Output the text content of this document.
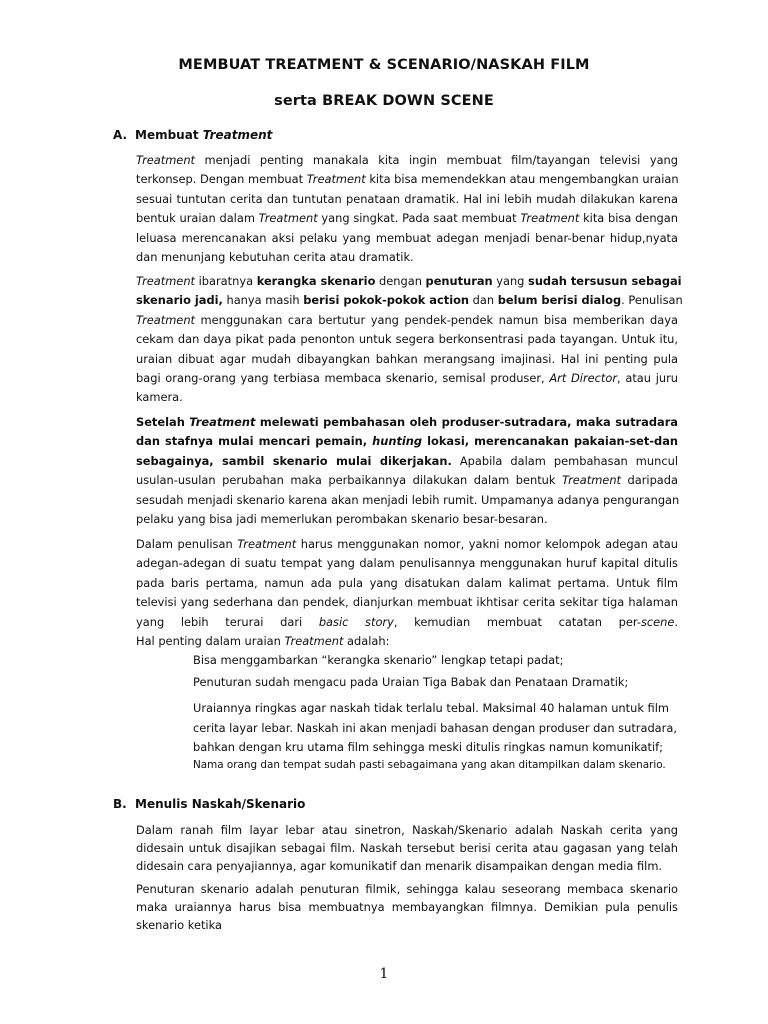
MEMBUAT TREATMENT & SCENARIO/NASKAH FILM
serta BREAK DOWN SCENE
A. Membuat Treatment
Treatment menjadi penting manakala kita ingin membuat film/tayangan televisi yang
terkonsep. Dengan membuat Treatment kita bisa memendekkan atau mengembangkan uraian
sesuai tuntutan cerita dan tuntutan penataan dramatik. Hal ini lebih mudah dilakukan karena
bentuk uraian dalam Treatment yang singkat. Pada saat membuat Treatment kita bisa dengan
leluasa merencanakan aksi pelaku yang membuat adegan menjadi benar-benar hidup,nyata
dan menunjang kebutuhan cerita atau dramatik.
Treatment ibaratnya kerangka skenario dengan penuturan yang sudah tersusun sebagai
skenario jadi, hanya masih berisi pokok-pokok action dan belum berisi dialog. Penulisan
Treatment menggunakan cara bertutur yang pendek-pendek namun bisa memberikan daya
cekam dan daya pikat pada penonton untuk segera berkonsentrasi pada tayangan. Untuk itu,
uraian dibuat agar mudah dibayangkan bahkan merangsang imajinasi. Hal ini penting pula
bagi orang-orang yang terbiasa membaca skenario, semisal produser, Art Director, atau juru
kamera.
Setelah Treatment melewati pembahasan oleh produser-sutradara, maka sutradara
dan stafnya mulai mencari pemain, hunting lokasi, merencanakan pakaian-set-dan
sebagainya, sambil skenario mulai dikerjakan. Apabila dalam pembahasan muncul
usulan-usulan perubahan maka perbaikannya dilakukan dalam bentuk Treatment daripada
sesudah menjadi skenario karena akan menjadi lebih rumit. Umpamanya adanya pengurangan
pelaku yang bisa jadi memerlukan perombakan skenario besar-besaran.
Dalam penulisan Treatment harus menggunakan nomor, yakni nomor kelompok adegan atau
adegan-adegan di suatu tempat yang dalam penulisannya menggunakan huruf kapital ditulis
pada baris pertama, namun ada pula yang disatukan dalam kalimat pertama. Untuk film
televisi yang sederhana dan pendek, dianjurkan membuat ikhtisar cerita sekitar tiga halaman
yang lebih terurai dari basic story, kemudian membuat catatan per-scene.
Hal penting dalam uraian Treatment adalah:
Bisa menggambarkan “kerangka skenario” lengkap tetapi padat;
Penuturan sudah mengacu pada Uraian Tiga Babak dan Penataan Dramatik;
Uraiannya ringkas agar naskah tidak terlalu tebal. Maksimal 40 halaman untuk film
cerita layar lebar. Naskah ini akan menjadi bahasan dengan produser dan sutradara,
bahkan dengan kru utama film sehingga meski ditulis ringkas namun komunikatif;
Nama orang dan tempat sudah pasti sebagaimana yang akan ditampilkan dalam skenario.
B. Menulis Naskah/Skenario
Dalam ranah film layar lebar atau sinetron, Naskah/Skenario adalah Naskah cerita yang
didesain untuk disajikan sebagai film. Naskah tersebut berisi cerita atau gagasan yang telah
didesain cara penyajiannya, agar komunikatif dan menarik disampaikan dengan media film.
Penuturan skenario adalah penuturan filmik, sehingga kalau seseorang membaca skenario
maka uraiannya harus bisa membuatnya membayangkan filmnya. Demikian pula penulis
skenario ketika
1
